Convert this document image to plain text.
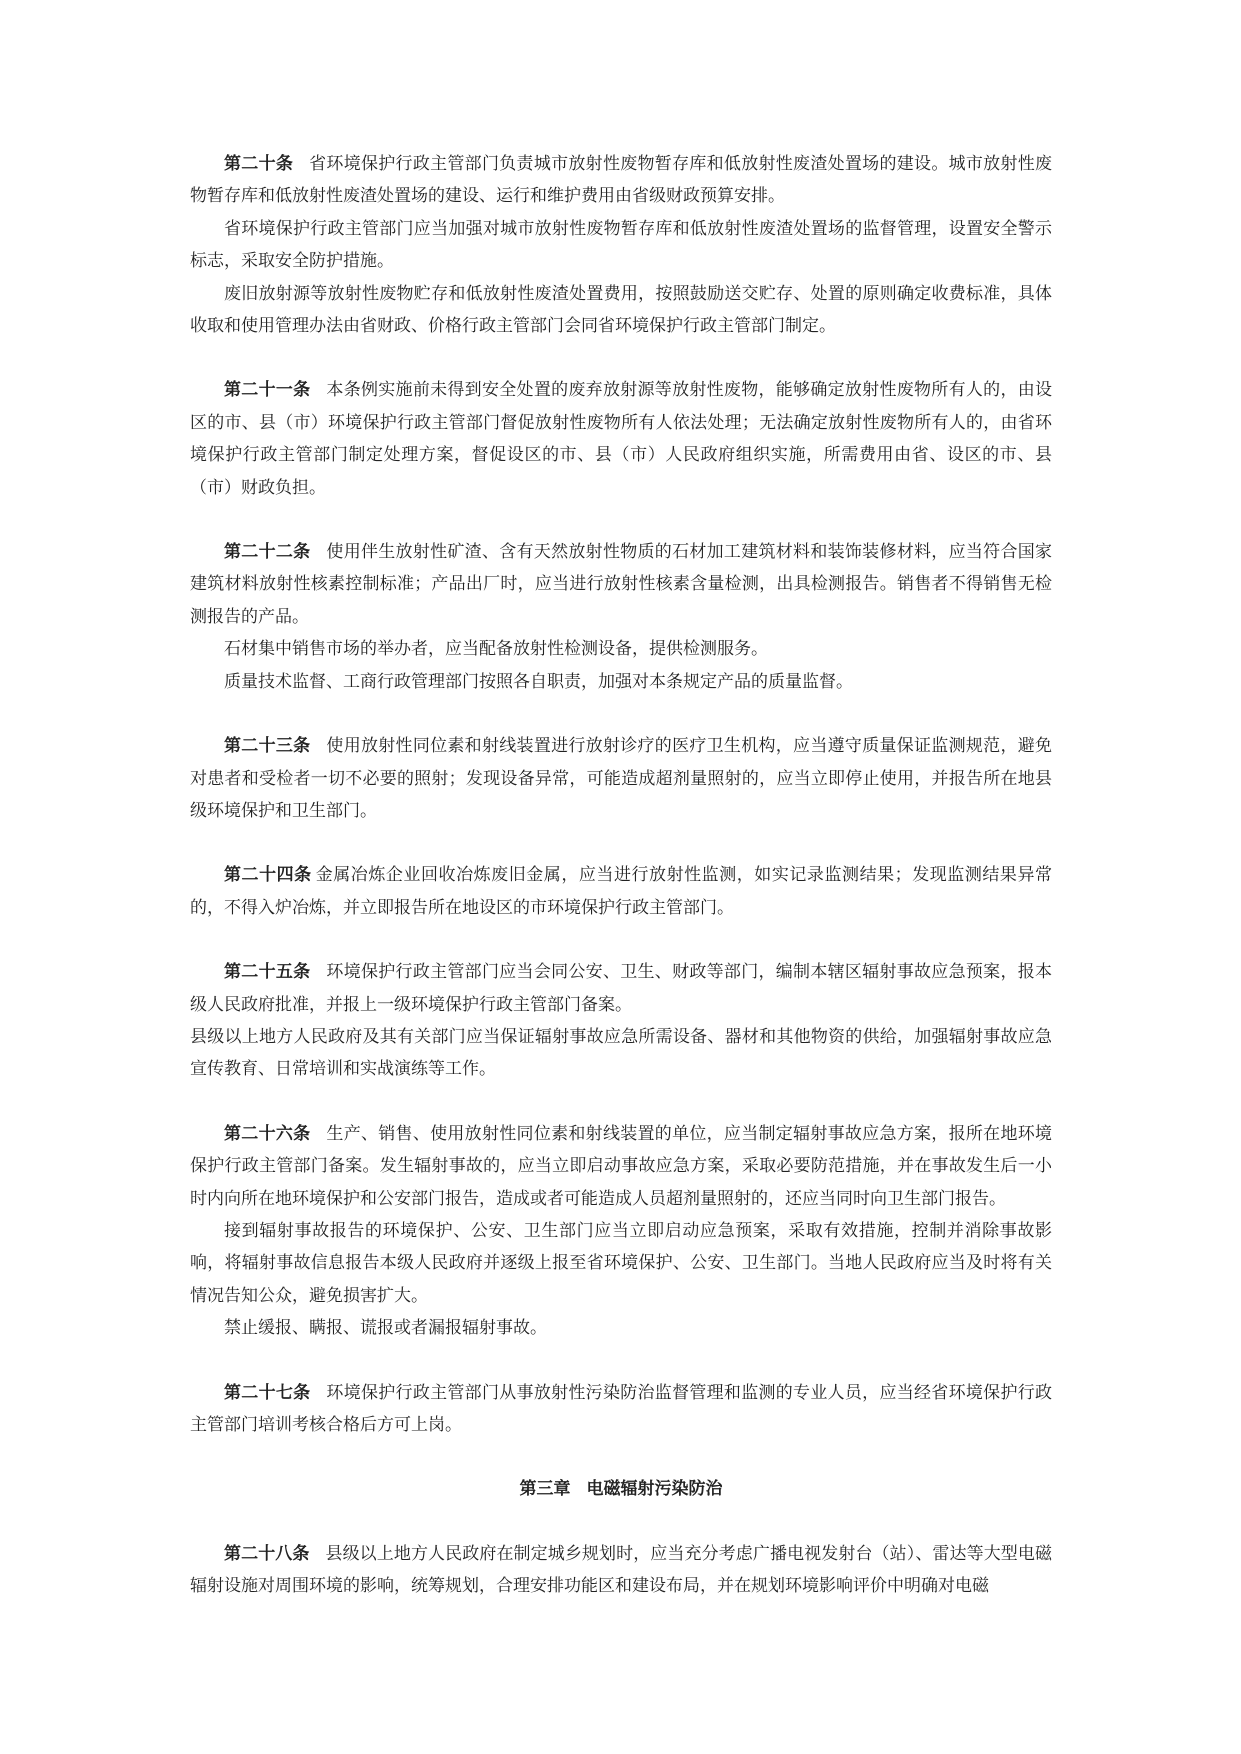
第二十条 省环境保护行政主管部门负责城市放射性废物暂存库和低放射性废渣处置场的建设。城市放射性废物暂存库和低放射性废渣处置场的建设、运行和维护费用由省级财政预算安排。

省环境保护行政主管部门应当加强对城市放射性废物暂存库和低放射性废渣处置场的监督管理，设置安全警示标志，采取安全防护措施。

废旧放射源等放射性废物贮存和低放射性废渣处置费用，按照鼓励送交贮存、处置的原则确定收费标准，具体收取和使用管理办法由省财政、价格行政主管部门会同省环境保护行政主管部门制定。

第二十一条 本条例实施前未得到安全处置的废弃放射源等放射性废物，能够确定放射性废物所有人的，由设区的市、县（市）环境保护行政主管部门督促放射性废物所有人依法处理；无法确定放射性废物所有人的，由省环境保护行政主管部门制定处理方案，督促设区的市、县（市）人民政府组织实施，所需费用由省、设区的市、县（市）财政负担。

第二十二条 使用伴生放射性矿渣、含有天然放射性物质的石材加工建筑材料和装饰装修材料，应当符合国家建筑材料放射性核素控制标准；产品出厂时，应当进行放射性核素含量检测，出具检测报告。销售者不得销售无检测报告的产品。

石材集中销售市场的举办者，应当配备放射性检测设备，提供检测服务。

质量技术监督、工商行政管理部门按照各自职责，加强对本条规定产品的质量监督。

第二十三条 使用放射性同位素和射线装置进行放射诊疗的医疗卫生机构，应当遵守质量保证监测规范，避免对患者和受检者一切不必要的照射；发现设备异常，可能造成超剂量照射的，应当立即停止使用，并报告所在地县级环境保护和卫生部门。

第二十四条 金属冶炼企业回收冶炼废旧金属，应当进行放射性监测，如实记录监测结果；发现监测结果异常的，不得入炉冶炼，并立即报告所在地设区的市环境保护行政主管部门。

第二十五条 环境保护行政主管部门应当会同公安、卫生、财政等部门，编制本辖区辐射事故应急预案，报本级人民政府批准，并报上一级环境保护行政主管部门备案。

县级以上地方人民政府及其有关部门应当保证辐射事故应急所需设备、器材和其他物资的供给，加强辐射事故应急宣传教育、日常培训和实战演练等工作。

第二十六条 生产、销售、使用放射性同位素和射线装置的单位，应当制定辐射事故应急方案，报所在地环境保护行政主管部门备案。发生辐射事故的，应当立即启动事故应急方案，采取必要防范措施，并在事故发生后一小时内向所在地环境保护和公安部门报告，造成或者可能造成人员超剂量照射的，还应当同时向卫生部门报告。

接到辐射事故报告的环境保护、公安、卫生部门应当立即启动应急预案，采取有效措施，控制并消除事故影响，将辐射事故信息报告本级人民政府并逐级上报至省环境保护、公安、卫生部门。当地人民政府应当及时将有关情况告知公众，避免损害扩大。

禁止缓报、瞒报、谎报或者漏报辐射事故。

第二十七条 环境保护行政主管部门从事放射性污染防治监督管理和监测的专业人员，应当经省环境保护行政主管部门培训考核合格后方可上岗。

第三章 电磁辐射污染防治

第二十八条 县级以上地方人民政府在制定城乡规划时，应当充分考虑广播电视发射台（站）、雷达等大型电磁辐射设施对周围环境的影响，统筹规划，合理安排功能区和建设布局，并在规划环境影响评价中明确对电磁
